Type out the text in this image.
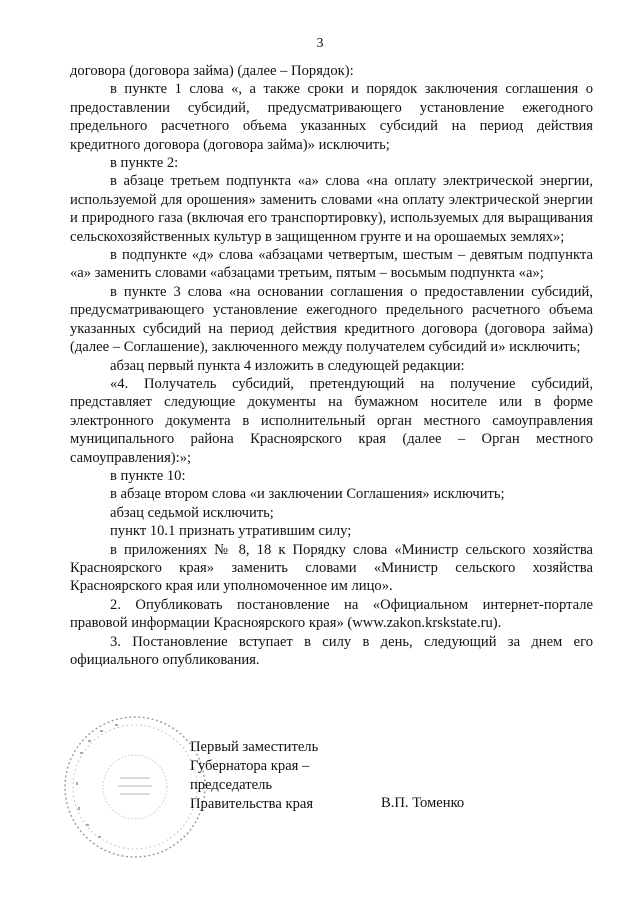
3

договора (договора займа) (далее – Порядок):

в пункте 1 слова «, а также сроки и порядок заключения соглашения о предоставлении субсидий, предусматривающего установление ежегодного предельного расчетного объема указанных субсидий на период действия кредитного договора (договора займа)» исключить;

в пункте 2:

в абзаце третьем подпункта «а» слова «на оплату электрической энергии, используемой для орошения» заменить словами «на оплату электрической энергии и природного газа (включая его транспортировку), используемых для выращивания сельскохозяйственных культур в защищенном грунте и на орошаемых землях»;

в подпункте «д» слова «абзацами четвертым, шестым – девятым подпункта «а» заменить словами «абзацами третьим, пятым – восьмым подпункта «а»;

в пункте 3 слова «на основании соглашения о предоставлении субсидий, предусматривающего установление ежегодного предельного расчетного объема указанных субсидий на период действия кредитного договора (договора займа) (далее – Соглашение), заключенного между получателем субсидий и» исключить;

абзац первый пункта 4 изложить в следующей редакции:

«4. Получатель субсидий, претендующий на получение субсидий, представляет следующие документы на бумажном носителе или в форме электронного документа в исполнительный орган местного самоуправления муниципального района Красноярского края (далее – Орган местного самоуправления):»;

в пункте 10:

в абзаце втором слова «и заключении Соглашения» исключить;

абзац седьмой исключить;

пункт 10.1 признать утратившим силу;

в приложениях № 8, 18 к Порядку слова «Министр сельского хозяйства Красноярского края» заменить словами «Министр сельского хозяйства Красноярского края или уполномоченное им лицо».

2. Опубликовать постановление на «Официальном интернет-портале правовой информации Красноярского края» (www.zakon.krskstate.ru).

3. Постановление вступает в силу в день, следующий за днем его официального опубликования.

Первый заместитель
Губернатора края –
председатель
Правительства края	В.П. Томенко
